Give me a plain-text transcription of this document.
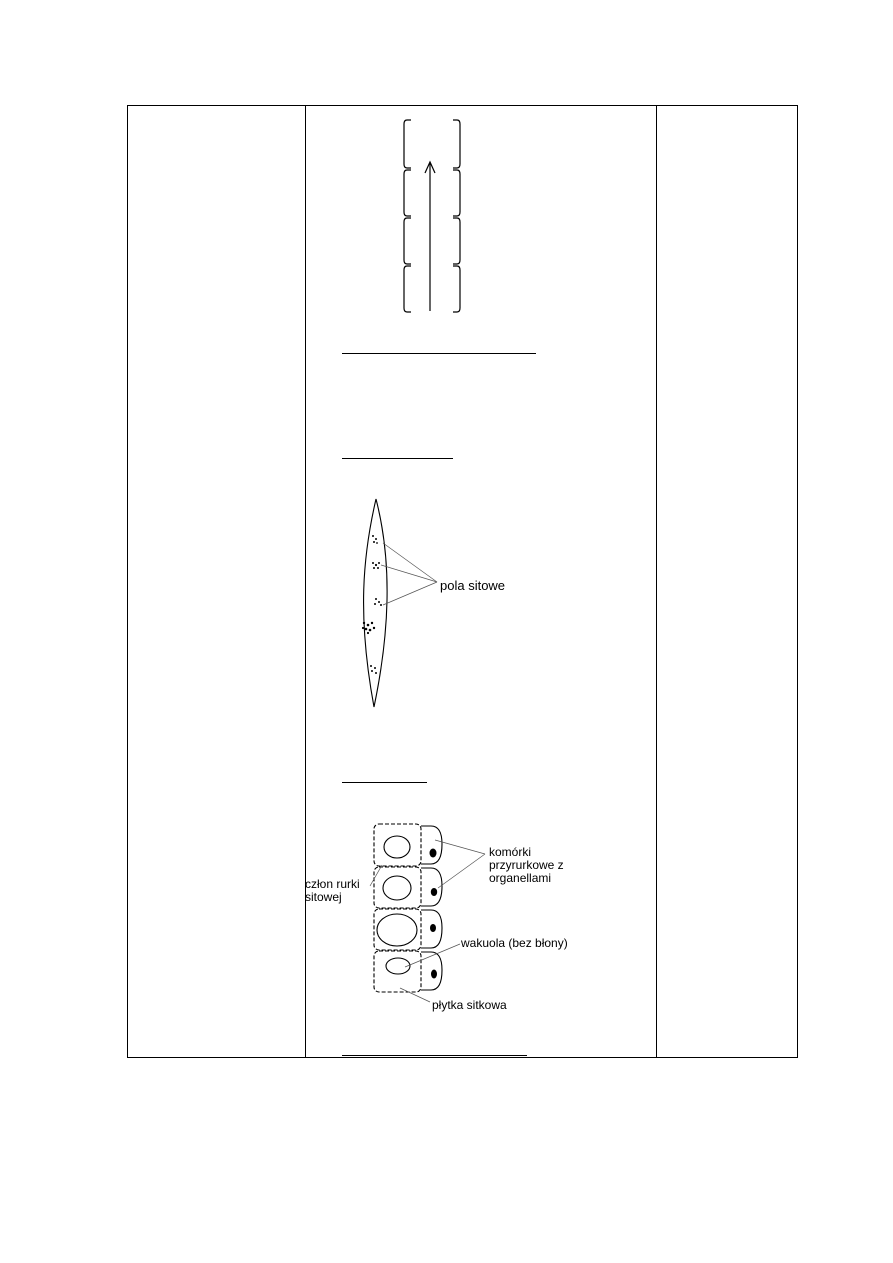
pola sitowe
komórki
przyrurkowe z
organellami
człon rurki
sitowej
wakuola (bez błony)
płytka sitkowa
